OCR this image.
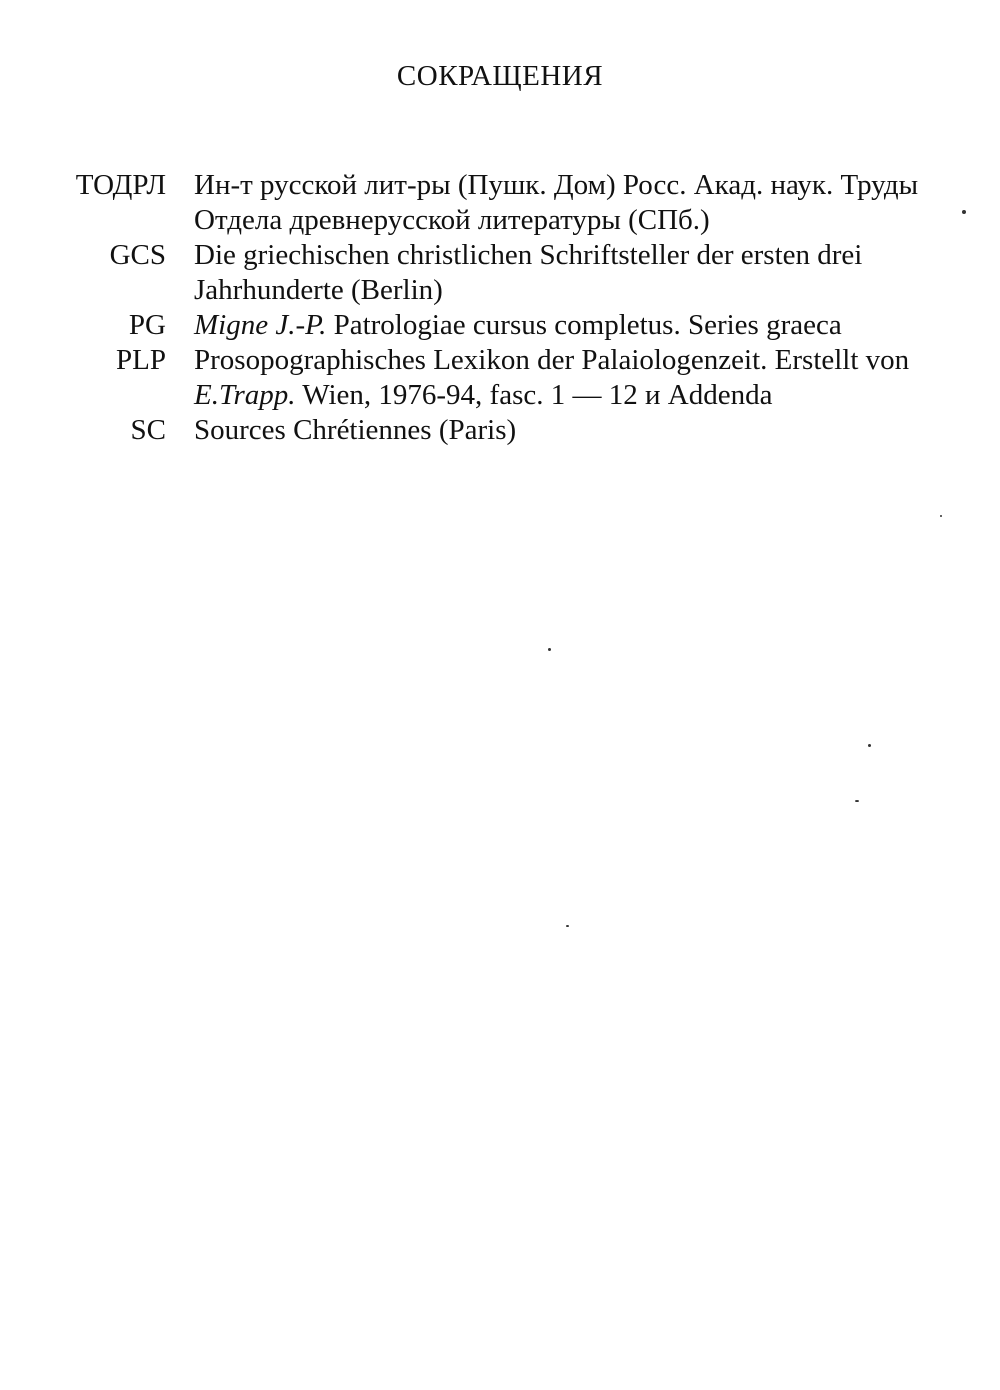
СОКРАЩЕНИЯ
ТОДРЛ Ин-т русской лит-ры (Пушк. Дом) Росс. Акад. наук. Труды
Отдела древнерусской литературы (СПб.)
GCS Die griechischen christlichen Schriftsteller der ersten drei
Jahrhunderte (Berlin)
PG Migne J.-P. Patrologiae cursus completus. Series graeca
PLP Prosopographisches Lexikon der Palaiologenzeit. Erstellt von
E.Trapp. Wien, 1976-94, fasc. 1 — 12 и Addenda
SC Sources Chrétiennes (Paris)
